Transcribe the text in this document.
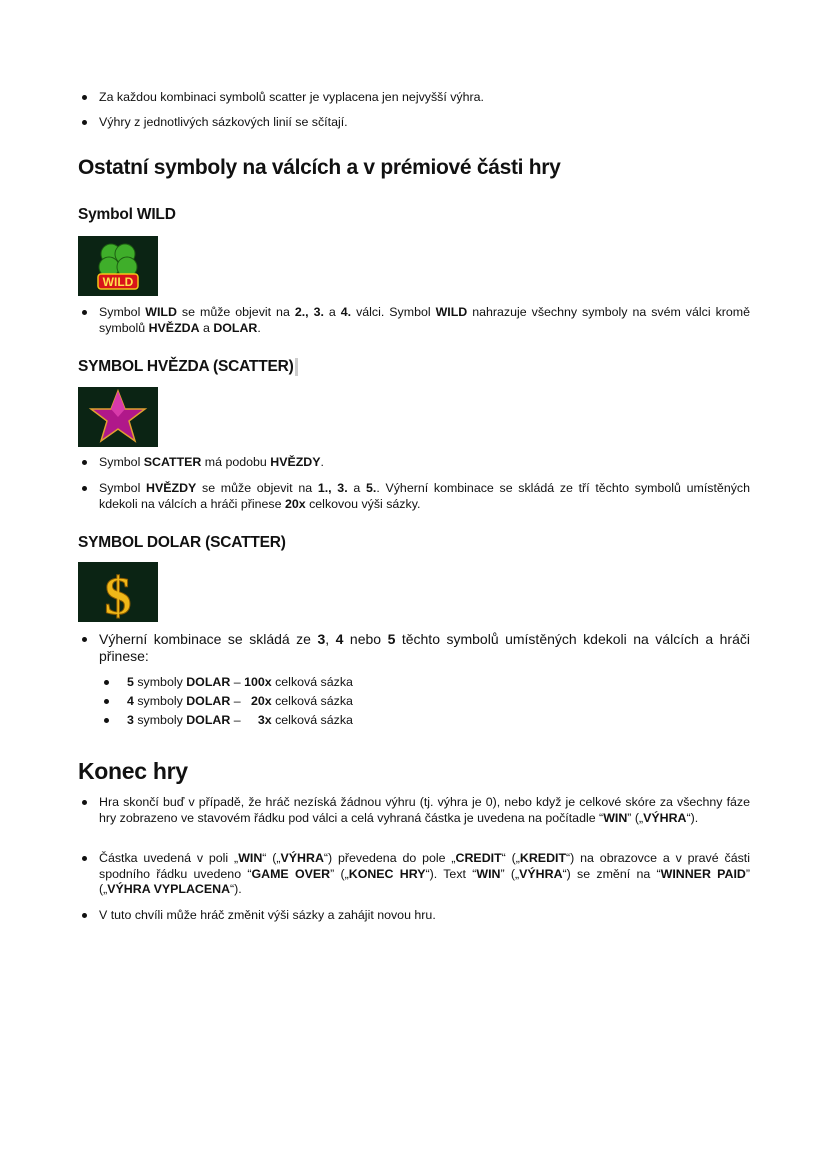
Za každou kombinaci symbolů scatter je vyplacena jen nejvyšší výhra.
Výhry z jednotlivých sázkových linií se sčítají.
Ostatní symboly na válcích a v prémiové části hry
Symbol WILD
WILD
Symbol WILD se může objevit na 2., 3. a 4. válci. Symbol WILD nahrazuje všechny symboly na svém válci kromě symbolů HVĚZDA a DOLAR.
SYMBOL HVĚZDA (SCATTER)
Symbol SCATTER má podobu HVĚZDY.
Symbol HVĚZDY se může objevit na 1., 3. a 5.. Výherní kombinace se skládá ze tří těchto symbolů umístěných kdekoli na válcích a hráči přinese 20x celkovou výši sázky.
SYMBOL DOLAR (SCATTER)
$
Výherní kombinace se skládá ze 3, 4 nebo 5 těchto symbolů umístěných kdekoli na válcích a hráči přinese:
5 symboly DOLAR – 100x celková sázka
4 symboly DOLAR –   20x celková sázka
3 symboly DOLAR –     3x celková sázka
Konec hry
Hra skončí buď v případě, že hráč nezíská žádnou výhru (tj. výhra je 0), nebo když je celkové skóre za všechny fáze hry zobrazeno ve stavovém řádku pod válci a celá vyhraná částka je uvedena na počítadle “WIN” („VÝHRA“).
Částka uvedená v poli „WIN“ („VÝHRA“) převedena do pole „CREDIT“ („KREDIT“) na obrazovce a v pravé části spodního řádku uvedeno “GAME OVER” („KONEC HRY“). Text “WIN” („VÝHRA“) se změní na “WINNER PAID” („VÝHRA VYPLACENA“).
V tuto chvíli může hráč změnit výši sázky a zahájit novou hru.
